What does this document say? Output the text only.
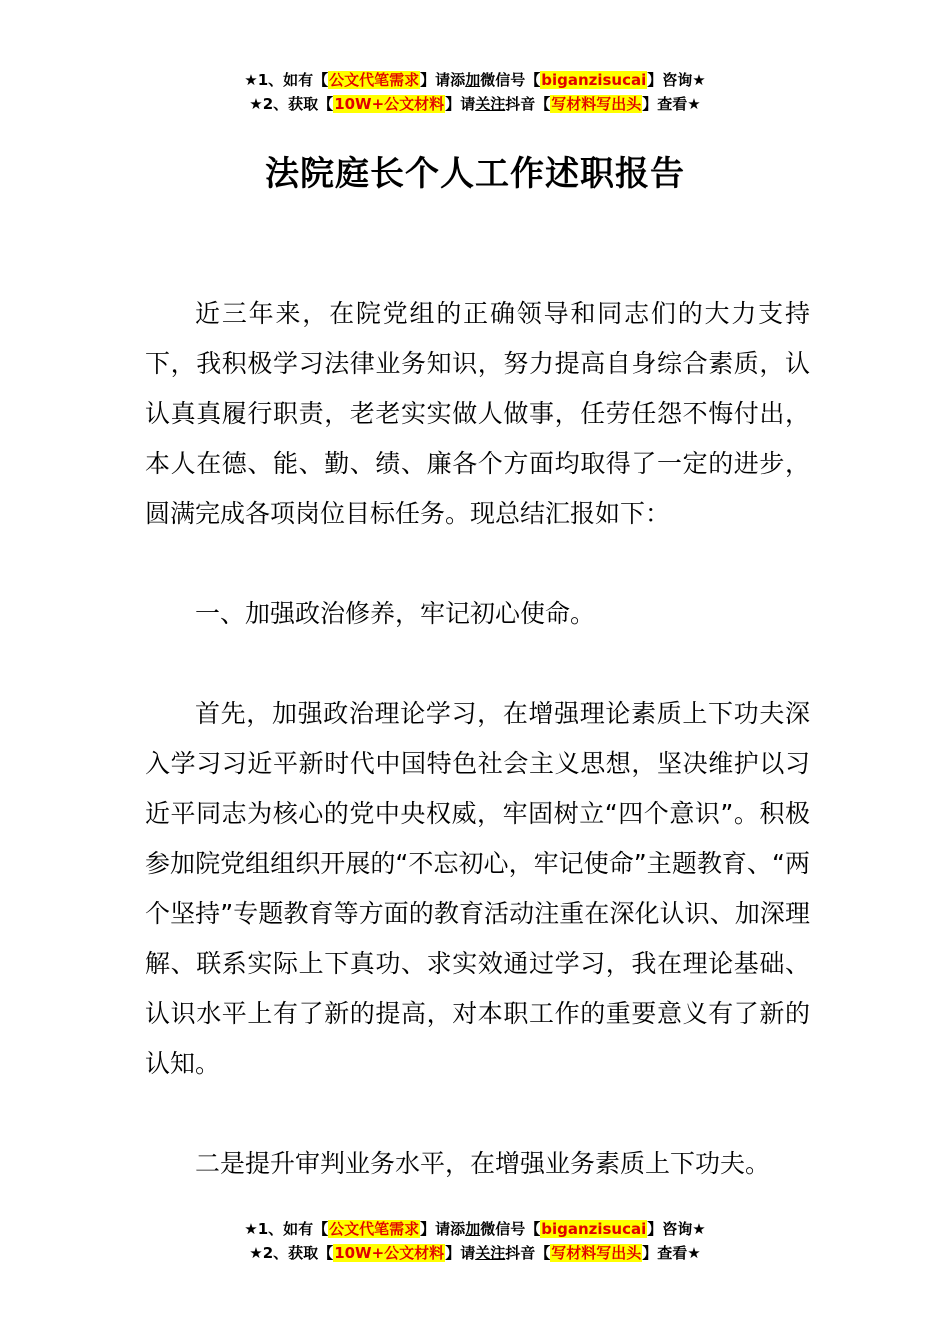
★1、如有【公文代笔需求】请添加微信号【biganzisucai】咨询★
★2、获取【10W+公文材料】请关注抖音【写材料写出头】查看★
法院庭长个人工作述职报告

近三年来，在院党组的正确领导和同志们的大力支持下，我积极学习法律业务知识，努力提高自身综合素质，认认真真履行职责，老老实实做人做事，任劳任怨不悔付出，本人在德、能、勤、绩、廉各个方面均取得了一定的进步，圆满完成各项岗位目标任务。现总结汇报如下：

一、加强政治修养，牢记初心使命。

首先，加强政治理论学习，在增强理论素质上下功夫深入学习习近平新时代中国特色社会主义思想，坚决维护以习近平同志为核心的党中央权威，牢固树立“四个意识”。积极参加院党组组织开展的“不忘初心，牢记使命”主题教育、“两个坚持”专题教育等方面的教育活动注重在深化认识、加深理解、联系实际上下真功、求实效通过学习，我在理论基础、认识水平上有了新的提高，对本职工作的重要意义有了新的认知。

二是提升审判业务水平，在增强业务素质上下功夫。

★1、如有【公文代笔需求】请添加微信号【biganzisucai】咨询★
★2、获取【10W+公文材料】请关注抖音【写材料写出头】查看★
